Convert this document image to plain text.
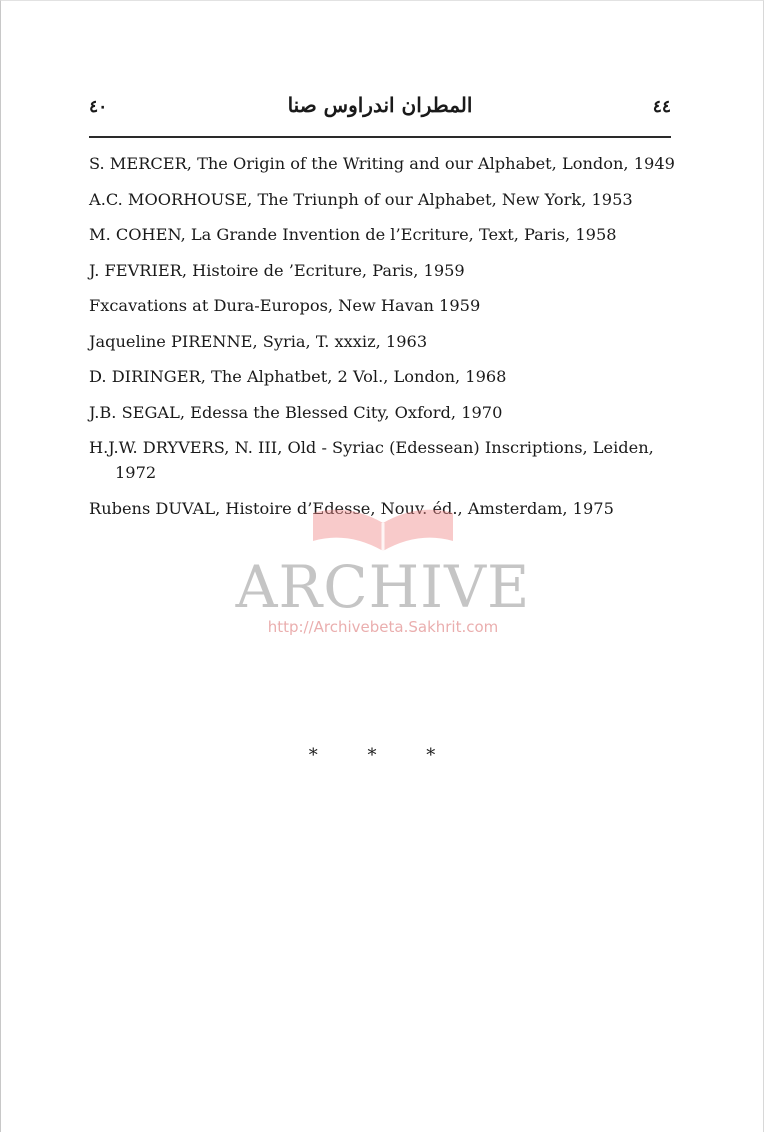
٤٠	المطران اندراوس صنا	٤٤
S. MERCER, The Origin of the Writing and our Alphabet, London, 1949
A.C. MOORHOUSE, The Triunph of our Alphabet, New York, 1953
M. COHEN, La Grande Invention de l’Ecriture, Text, Paris, 1958
J. FEVRIER, Histoire de ’Ecriture, Paris, 1959
Fxcavations at Dura-Europos, New Havan 1959
Jaqueline PIRENNE, Syria, T. xxxiz, 1963
D. DIRINGER, The Alphatbet, 2 Vol., London, 1968
J.B. SEGAL, Edessa the Blessed City, Oxford, 1970
H.J.W. DRYVERS, N. III, Old - Syriac (Edessean) Inscriptions, Leiden, 1972
Rubens DUVAL, Histoire d’Edesse, Nouv. éd., Amsterdam, 1975
ARCHIVE
http://Archivebeta.Sakhrit.com
* * *
